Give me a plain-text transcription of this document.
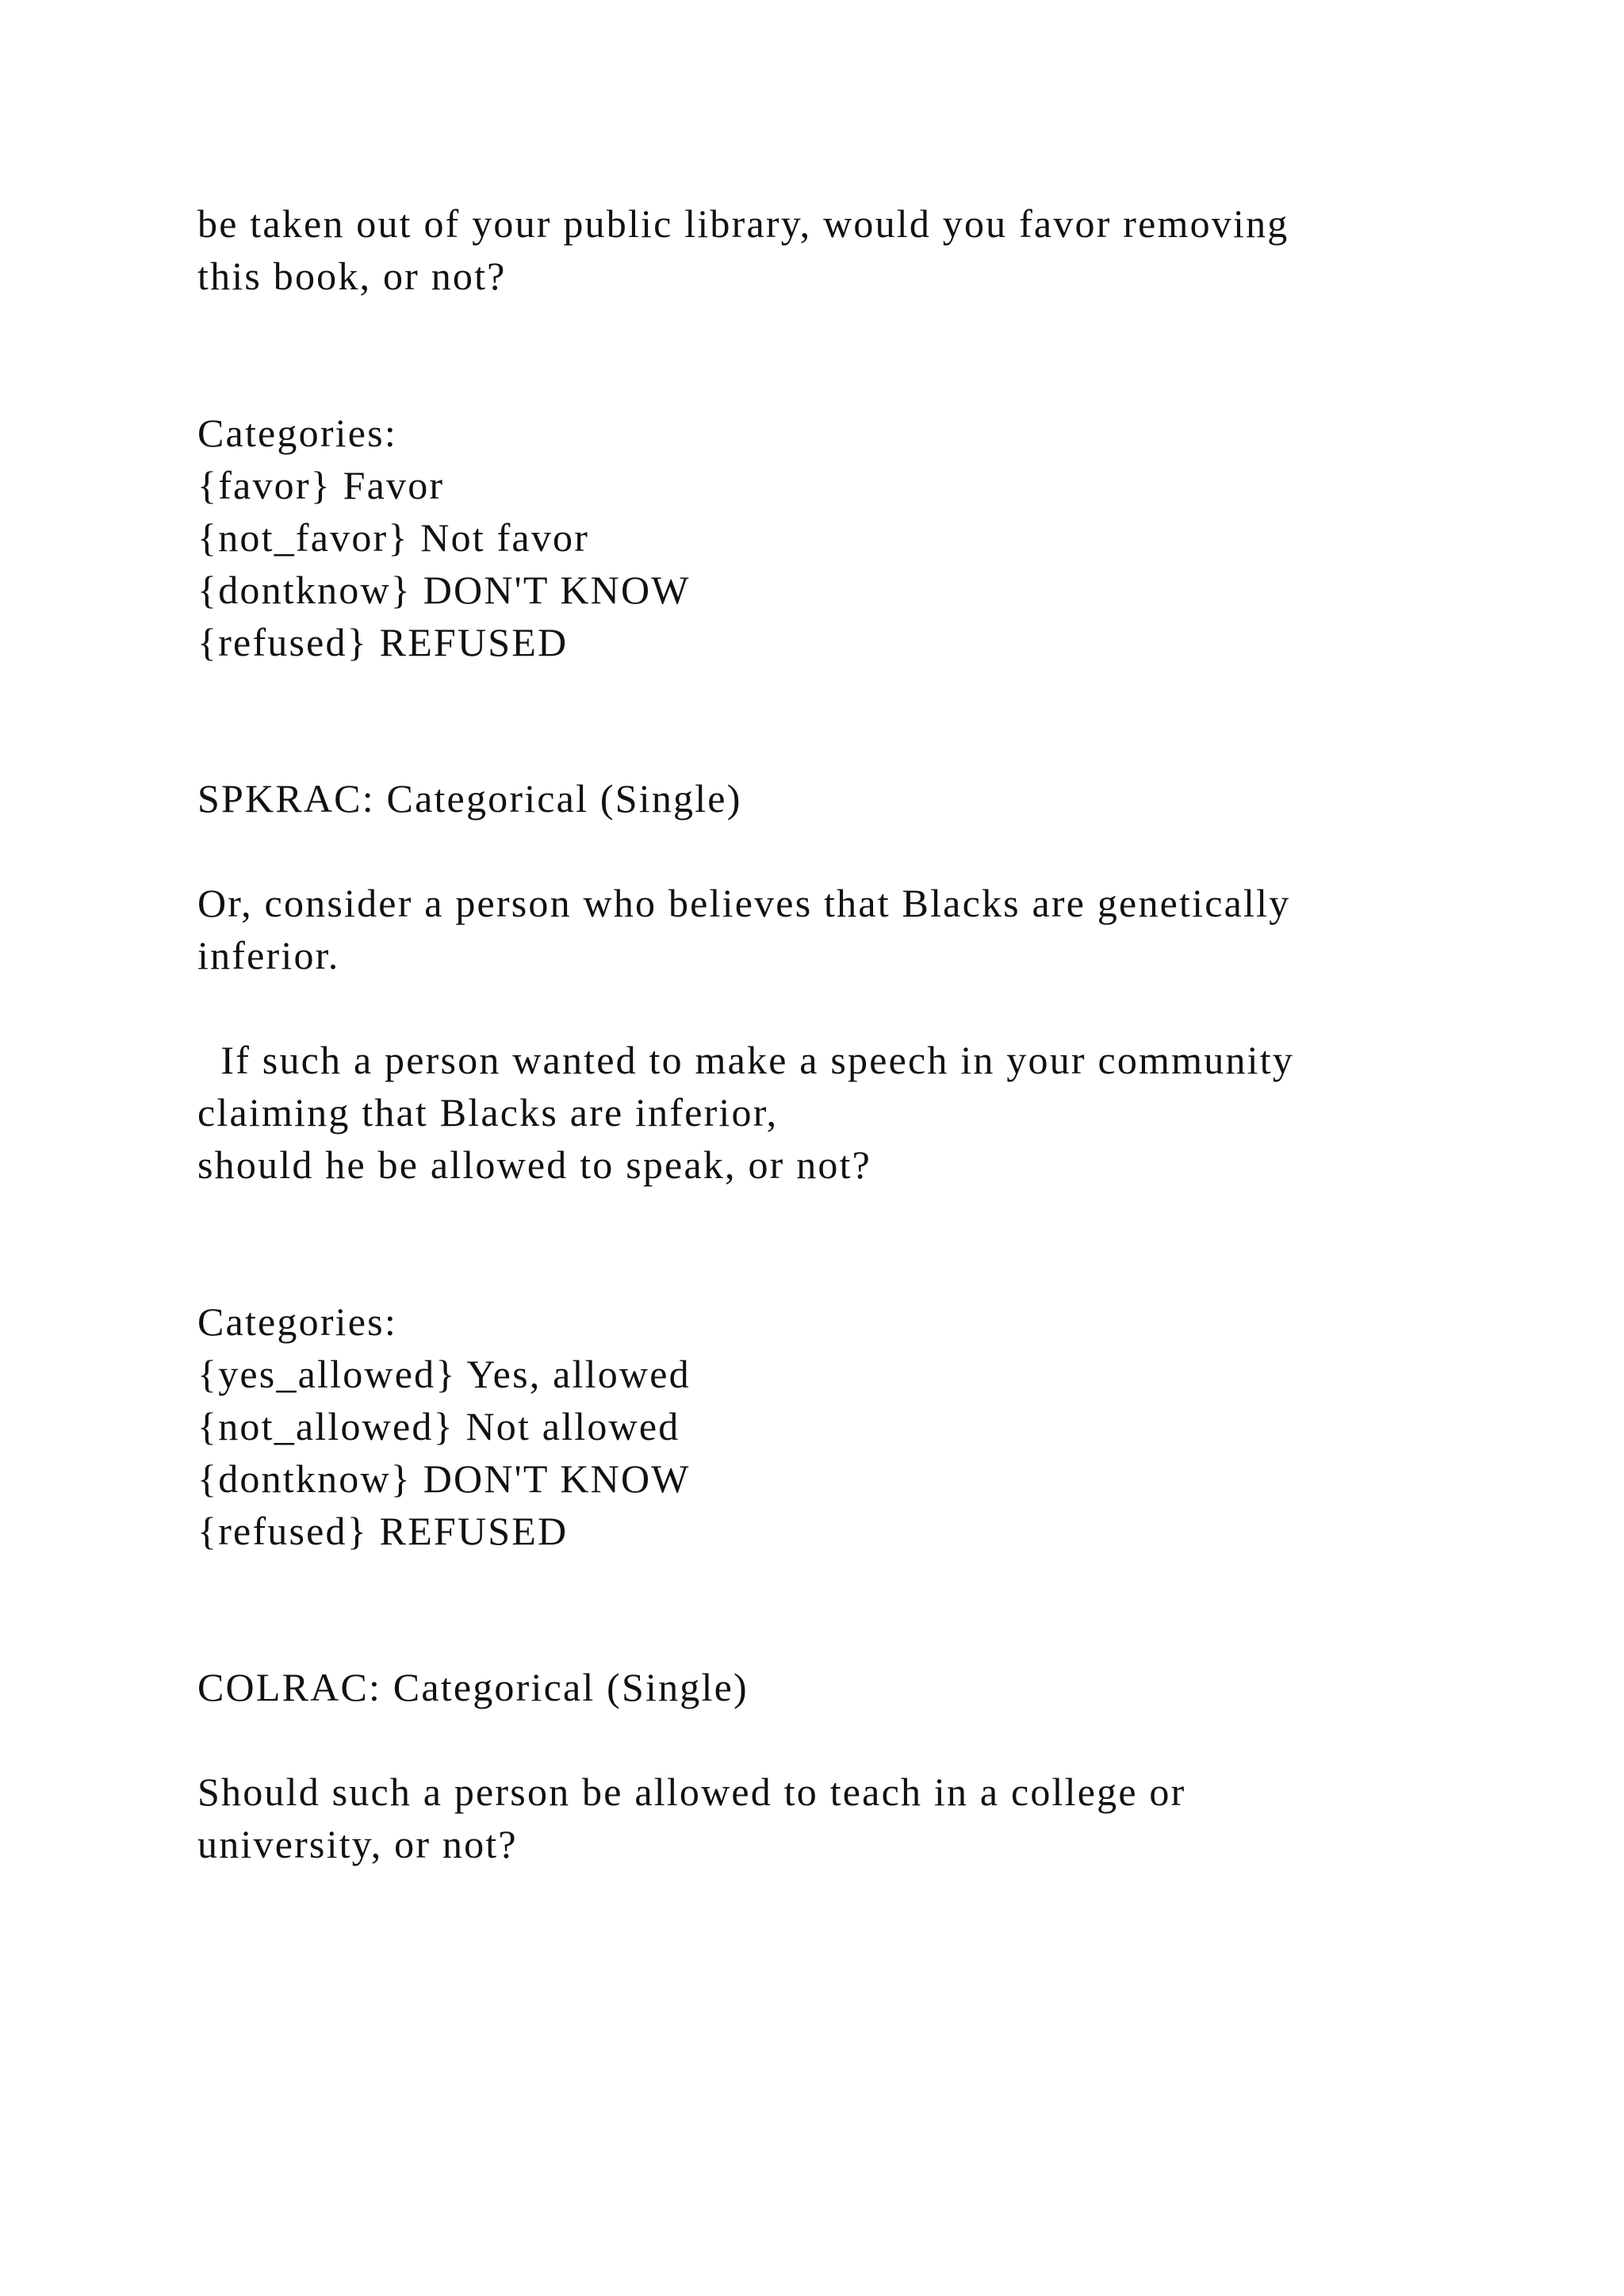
be taken out of your public library, would you favor removing

this book, or not?

Categories:

{favor} Favor

{not_favor} Not favor

{dontknow} DON'T KNOW

{refused} REFUSED

SPKRAC: Categorical (Single)

Or, consider a person who believes that Blacks are genetically

inferior.

If such a person wanted to make a speech in your community

claiming that Blacks are inferior,

should he be allowed to speak, or not?

Categories:

{yes_allowed} Yes, allowed

{not_allowed} Not allowed

{dontknow} DON'T KNOW

{refused} REFUSED

COLRAC: Categorical (Single)

Should such a person be allowed to teach in a college or

university, or not?
